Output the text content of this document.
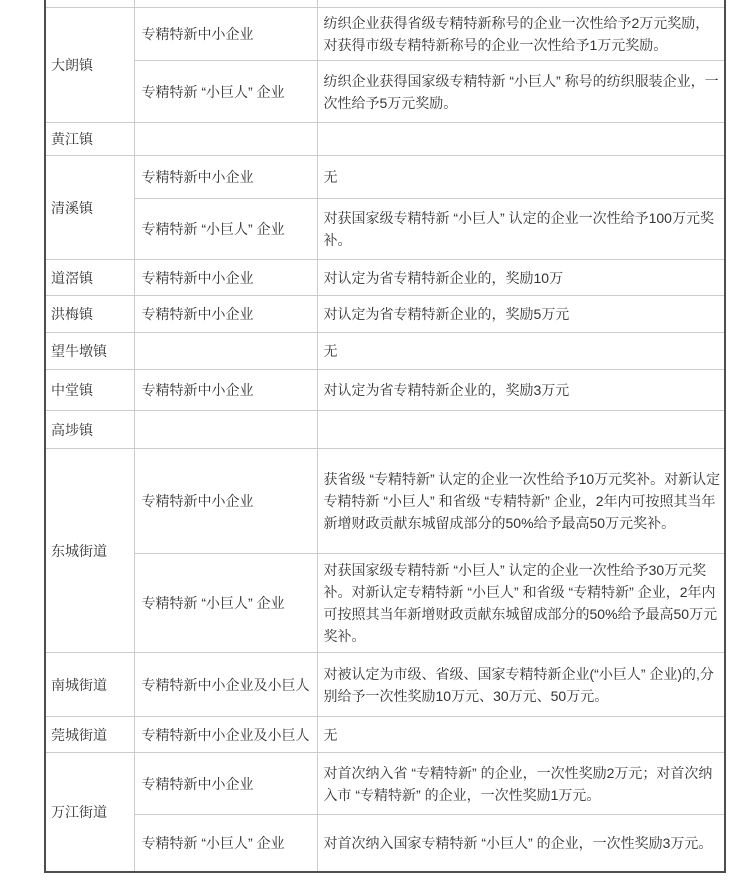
大朗镇	专精特新中小企业	纺织企业获得省级专精特新称号的企业一次性给予2万元奖励，对获得市级专精特新称号的企业一次性给予1万元奖励。
	专精特新 “小巨人” 企业	纺织企业获得国家级专精特新 “小巨人” 称号的纺织服装企业，一次性给予5万元奖励。
黄江镇		
清溪镇	专精特新中小企业	无
	专精特新 “小巨人” 企业	对获国家级专精特新 “小巨人” 认定的企业一次性给予100万元奖补。
道滘镇	专精特新中小企业	对认定为省专精特新企业的，奖励10万
洪梅镇	专精特新中小企业	对认定为省专精特新企业的，奖励5万元
望牛墩镇		无
中堂镇	专精特新中小企业	对认定为省专精特新企业的，奖励3万元
高埗镇		
东城街道	专精特新中小企业	获省级 “专精特新” 认定的企业一次性给予10万元奖补。对新认定专精特新 “小巨人” 和省级 “专精特新” 企业，2年内可按照其当年新增财政贡献东城留成部分的50%给予最高50万元奖补。
	专精特新 “小巨人” 企业	对获国家级专精特新 “小巨人” 认定的企业一次性给予30万元奖补。对新认定专精特新 “小巨人” 和省级 “专精特新” 企业，2年内可按照其当年新增财政贡献东城留成部分的50%给予最高50万元奖补。
南城街道	专精特新中小企业及小巨人	对被认定为市级、省级、国家专精特新企业(“小巨人” 企业)的,分别给予一次性奖励10万元、30万元、50万元。
莞城街道	专精特新中小企业及小巨人	无
万江街道	专精特新中小企业	对首次纳入省 “专精特新” 的企业，一次性奖励2万元；对首次纳入市 “专精特新” 的企业，一次性奖励1万元。
	专精特新 “小巨人” 企业	对首次纳入国家专精特新 “小巨人” 的企业，一次性奖励3万元。
